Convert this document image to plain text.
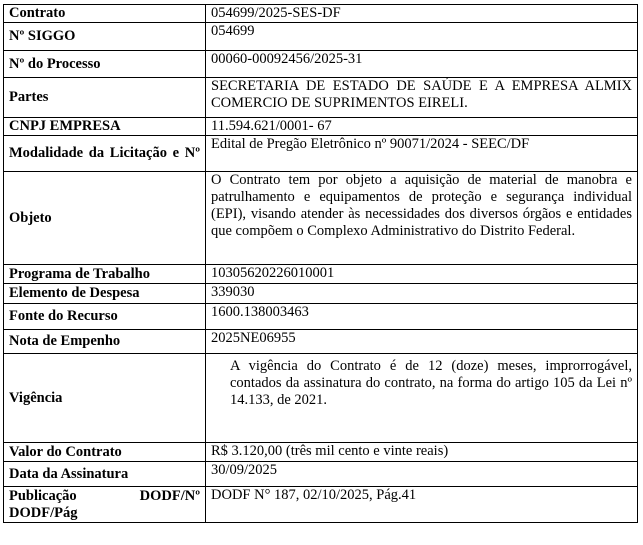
Contrato	054699/2025-SES-DF
Nº SIGGO	054699
Nº do Processo	00060-00092456/2025-31
Partes	SECRETARIA DE ESTADO DE SAÚDE E A EMPRESA ALMIX COMERCIO DE SUPRIMENTOS EIRELI.
CNPJ EMPRESA	11.594.621/0001- 67
Modalidade da Licitação e Nº	Edital de Pregão Eletrônico nº 90071/2024 - SEEC/DF
Objeto	O Contrato tem por objeto a aquisição de material de manobra e patrulhamento e equipamentos de proteção e segurança individual (EPI), visando atender às necessidades dos diversos órgãos e entidades que compõem o Complexo Administrativo do Distrito Federal.
Programa de Trabalho	10305620226010001
Elemento de Despesa	339030
Fonte do Recurso	1600.138003463
Nota de Empenho	2025NE06955
Vigência	A vigência do Contrato é de 12 (doze) meses, improrrogável, contados da assinatura do contrato, na forma do artigo 105 da Lei nº 14.133, de 2021.
Valor do Contrato	R$ 3.120,00 (três mil cento e vinte reais)
Data da Assinatura	30/09/2025

Publicação DODF/Nº
DODF/Pág	DODF N° 187, 02/10/2025, Pág.41
